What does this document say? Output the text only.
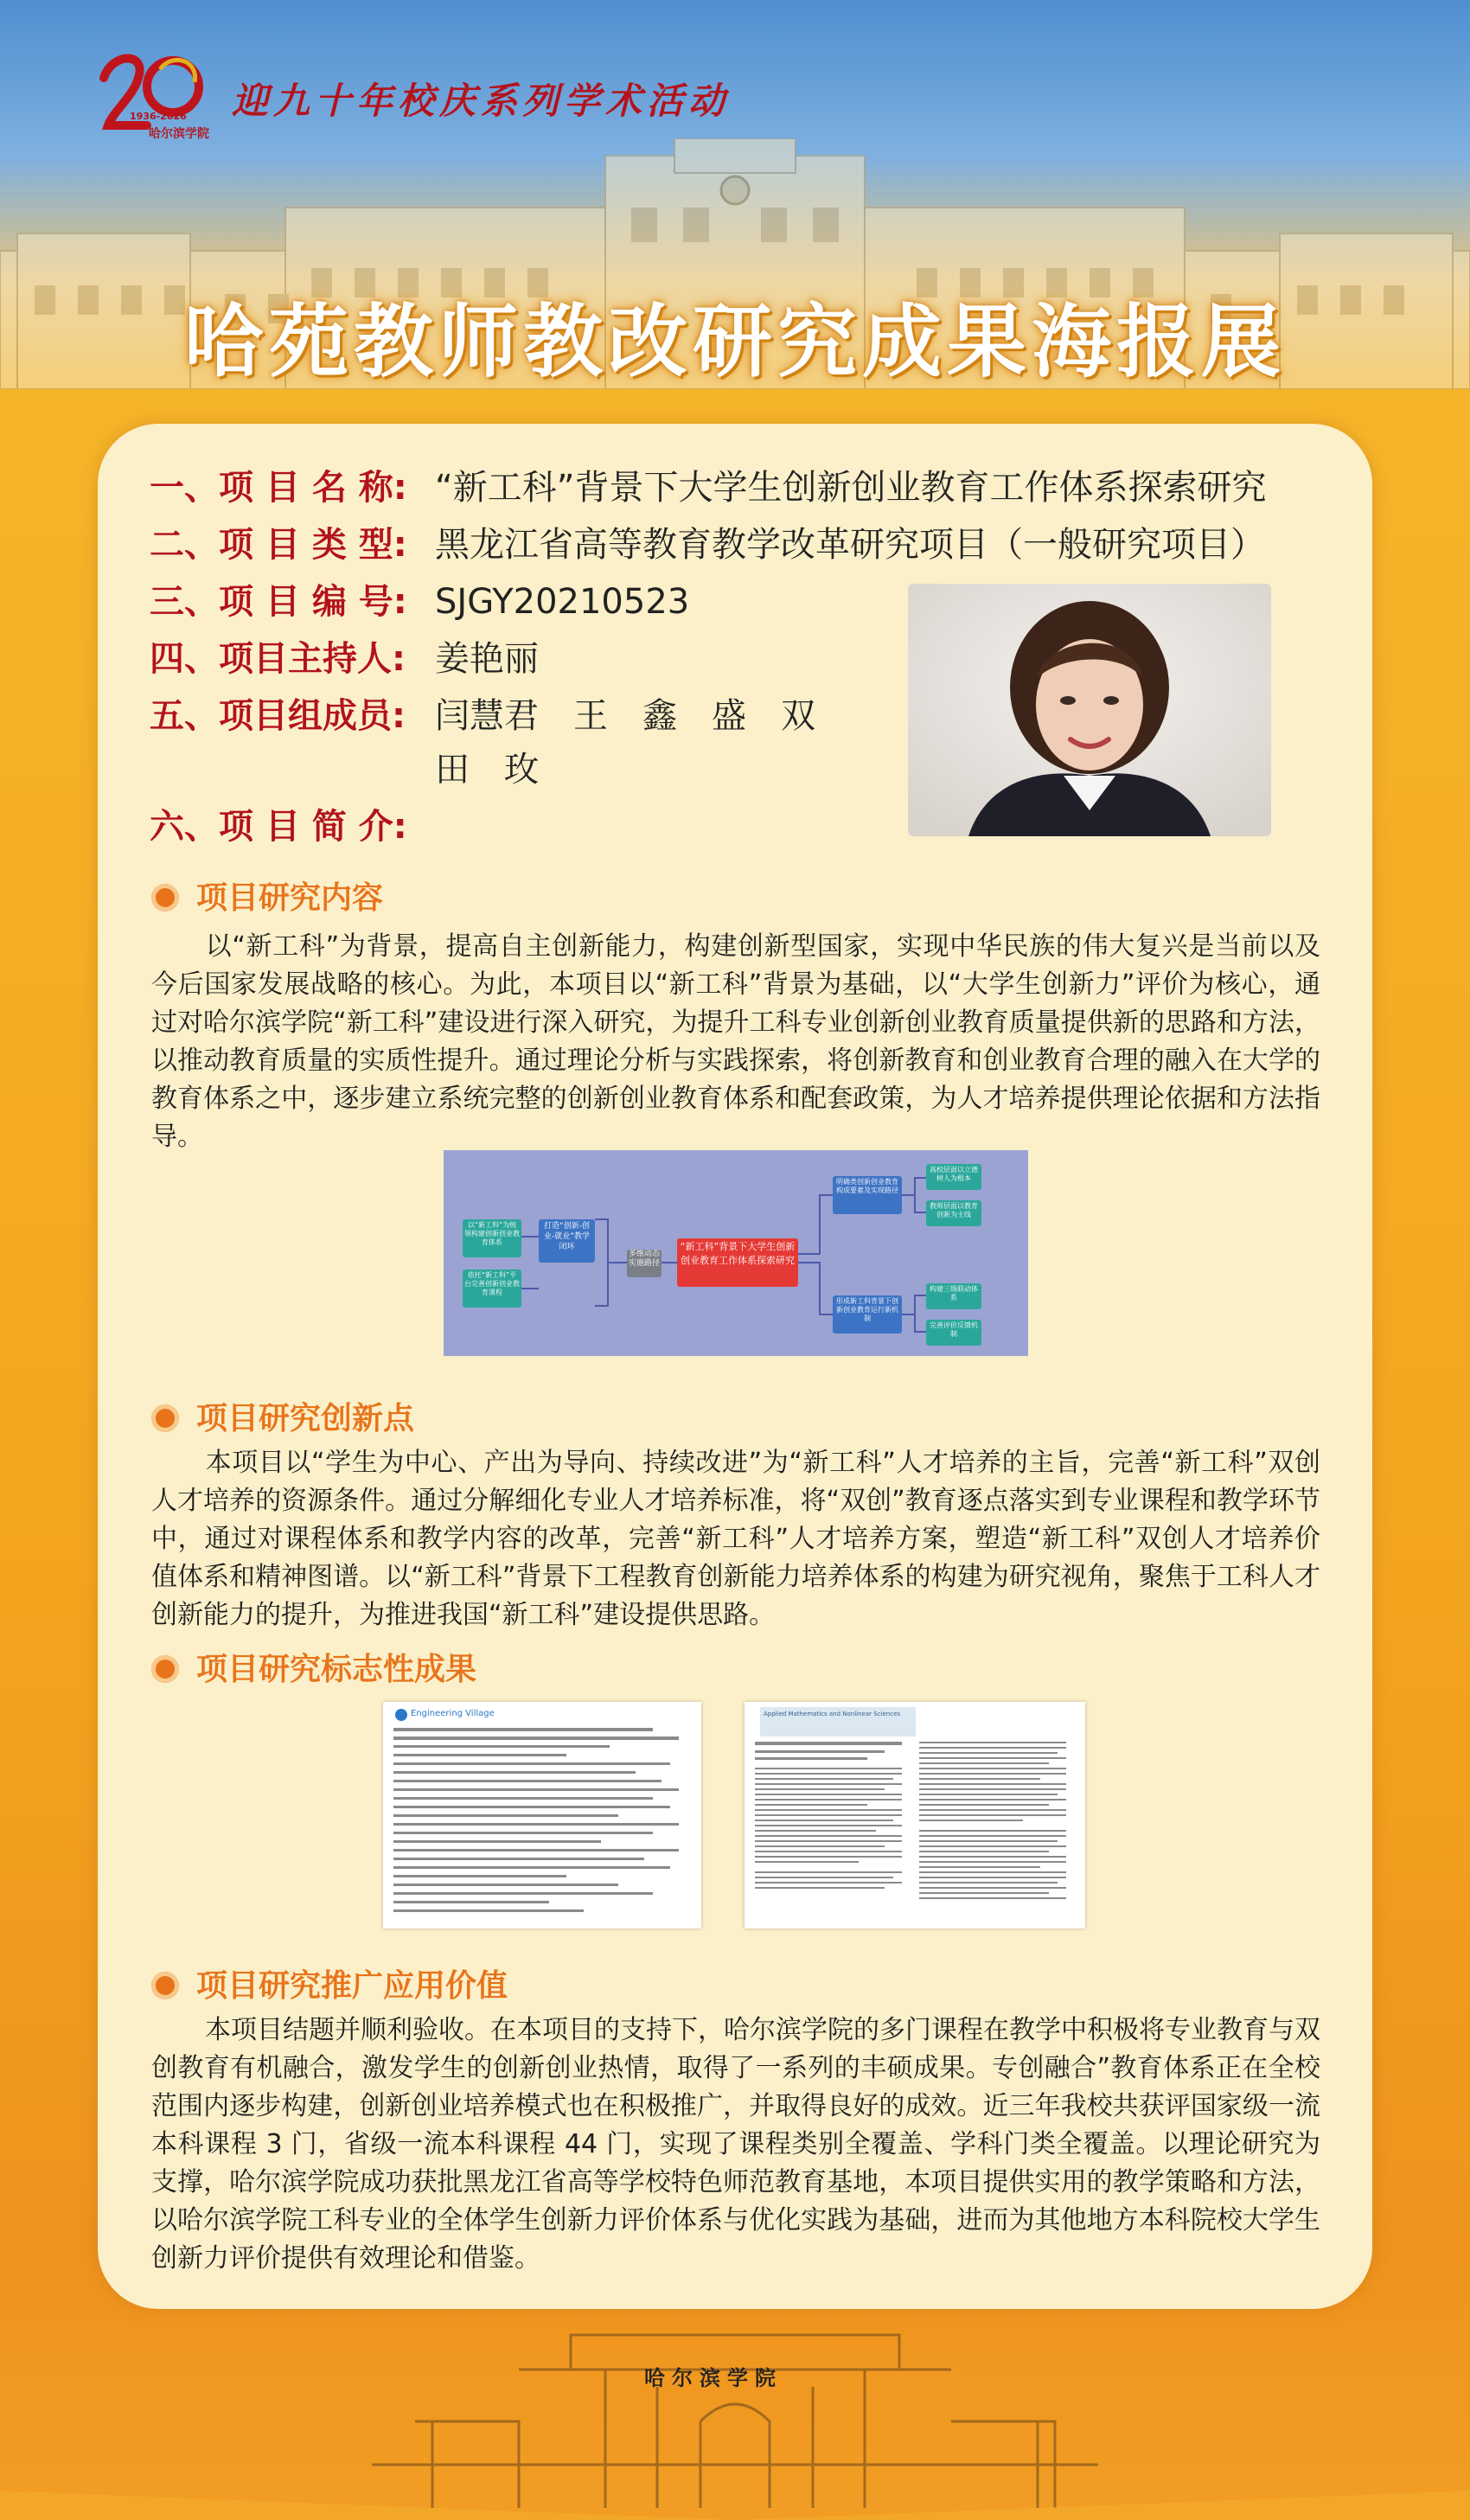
1936-2026
哈尔滨学院
迎九十年校庆系列学术活动
哈苑教师教改研究成果海报展
一、项 目 名 称: “新工科”背景下大学生创新创业教育工作体系探索研究
二、项 目 类 型: 黑龙江省高等教育教学改革研究项目（一般研究项目）
三、项 目 编 号: SJGY20210523
四、项目主持人: 姜艳丽
五、项目组成员: 闫慧君　王　鑫　盛　双
田　玫
六、项 目 简 介:
项目研究内容

以“新工科”为背景，提高自主创新能力，构建创新型国家，实现中华民族的伟大复兴是当前以及今后国家发展战略的核心。为此，本项目以“新工科”背景为基础，以“大学生创新力”评价为核心，通过对哈尔滨学院“新工科”建设进行深入研究，为提升工科专业创新创业教育质量提供新的思路和方法，以推动教育质量的实质性提升。通过理论分析与实践探索，将创新教育和创业教育合理的融入在大学的教育体系之中，逐步建立系统完整的创新创业教育体系和配套政策，为人才培养提供理论依据和方法指导。

“新工科”背景下大学生创新创业教育工作体系探索研究
多维动态实施路径
打造“创新-创业-就业”教学闭环
以“新工科”为统领构建创新创业教育体系
依托“新工科”平台完善创新创业教育课程
明确类创新创业教育构成要素及实现路径
高校层面以立德树人为根本
教师层面以教育创新为主线
形成新工科背景下创新创业教育运行新机制
构建三级联动体系
完善评价反馈机制
项目研究创新点

本项目以“学生为中心、产出为导向、持续改进”为“新工科”人才培养的主旨，完善“新工科”双创人才培养的资源条件。通过分解细化专业人才培养标准，将“双创”教育逐点落实到专业课程和教学环节中，通过对课程体系和教学内容的改革，完善“新工科”人才培养方案，塑造“新工科”双创人才培养价值体系和精神图谱。以“新工科”背景下工程教育创新能力培养体系的构建为研究视角，聚焦于工科人才创新能力的提升，为推进我国“新工科”建设提供思路。

项目研究标志性成果
Engineering Village	Applied Mathematics and Nonlinear Sciences
项目研究推广应用价值

本项目结题并顺利验收。在本项目的支持下，哈尔滨学院的多门课程在教学中积极将专业教育与双创教育有机融合，激发学生的创新创业热情，取得了一系列的丰硕成果。专创融合”教育体系正在全校范围内逐步构建，创新创业培养模式也在积极推广，并取得良好的成效。近三年我校共获评国家级一流本科课程 3 门，省级一流本科课程 44 门，实现了课程类别全覆盖、学科门类全覆盖。以理论研究为支撑，哈尔滨学院成功获批黑龙江省高等学校特色师范教育基地，本项目提供实用的教学策略和方法，以哈尔滨学院工科专业的全体学生创新力评价体系与优化实践为基础，进而为其他地方本科院校大学生创新力评价提供有效理论和借鉴。

哈尔滨学院
